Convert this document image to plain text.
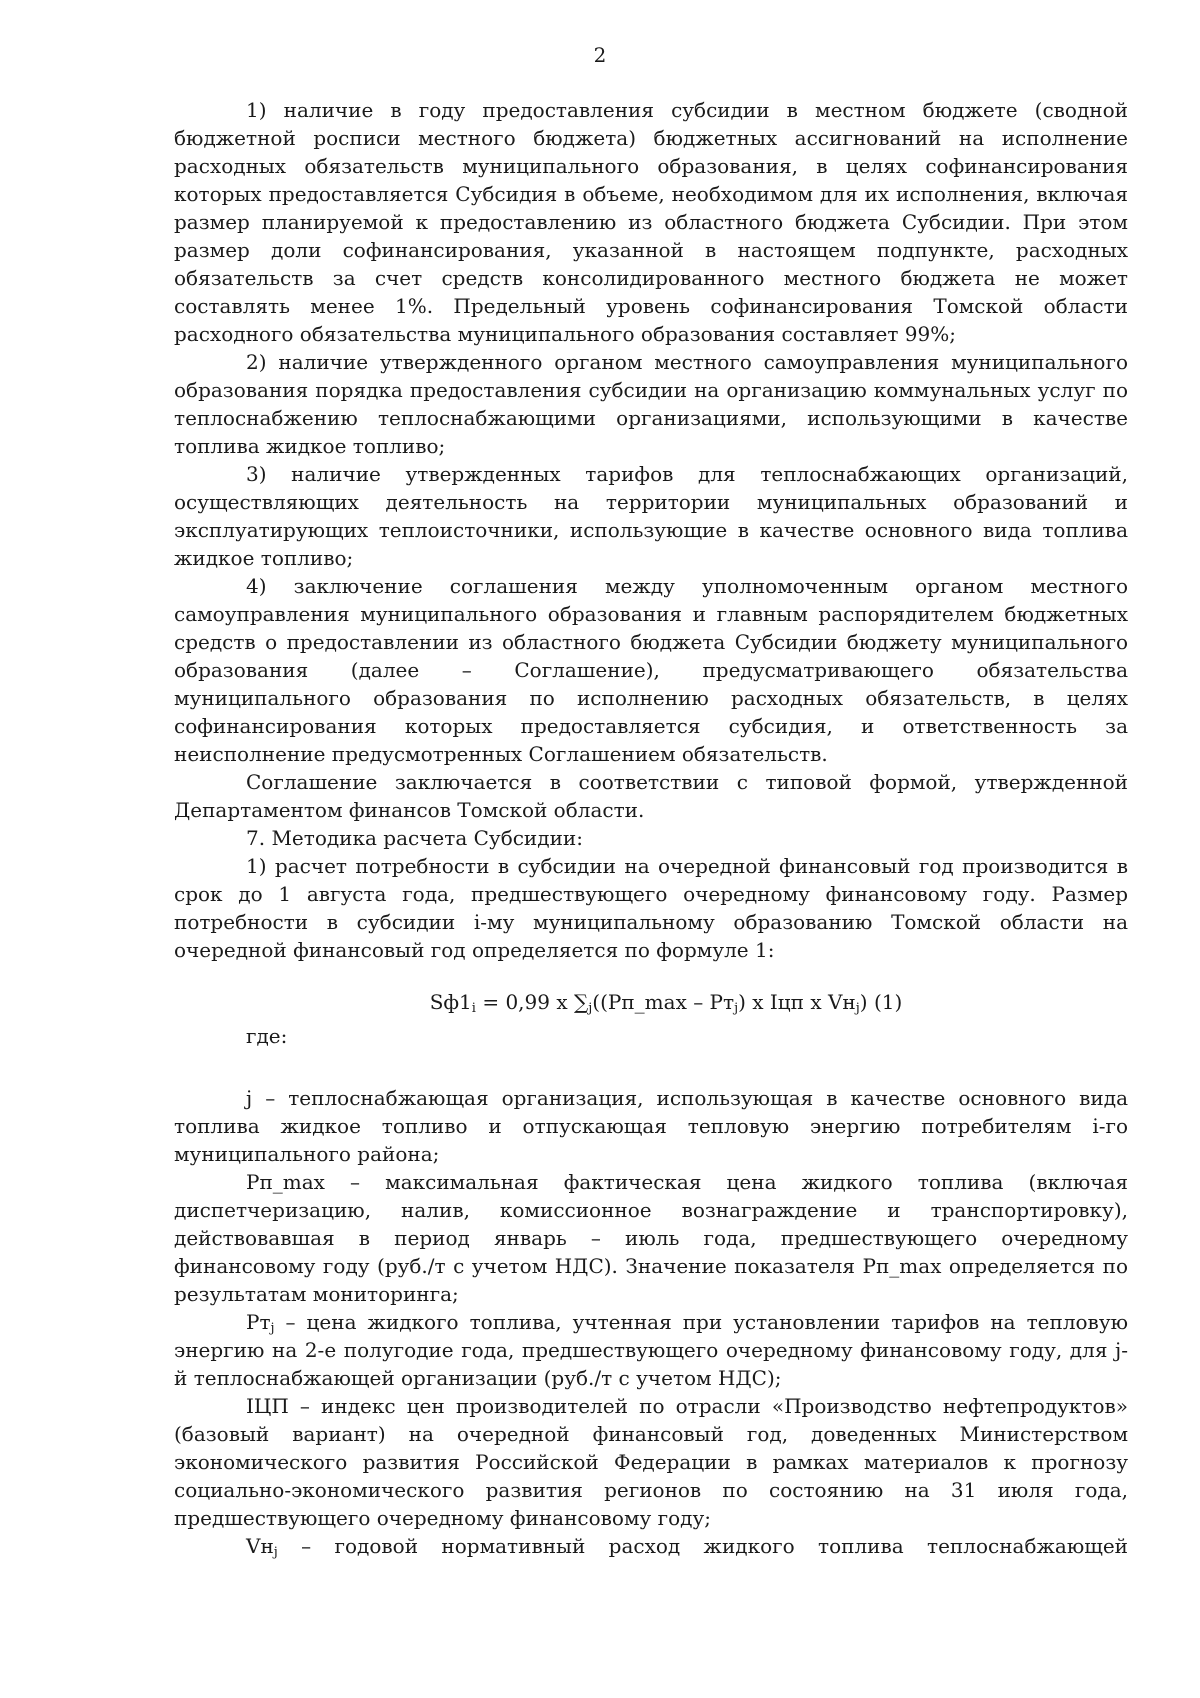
2

1) наличие в году предоставления субсидии в местном бюджете (сводной бюджетной росписи местного бюджета) бюджетных ассигнований на исполнение расходных обязательств муниципального образования, в целях софинансирования которых предоставляется Субсидия в объеме, необходимом для их исполнения, включая размер планируемой к предоставлению из областного бюджета Субсидии. При этом размер доли софинансирования, указанной в настоящем подпункте, расходных обязательств за счет средств консолидированного местного бюджета не может составлять менее 1%. Предельный уровень софинансирования Томской области расходного обязательства муниципального образования составляет 99%;

2) наличие утвержденного органом местного самоуправления муниципального образования порядка предоставления субсидии на организацию коммунальных услуг по теплоснабжению теплоснабжающими организациями, использующими в качестве топлива жидкое топливо;

3) наличие утвержденных тарифов для теплоснабжающих организаций, осуществляющих деятельность на территории муниципальных образований и эксплуатирующих теплоисточники, использующие в качестве основного вида топлива жидкое топливо;

4) заключение соглашения между уполномоченным органом местного самоуправления муниципального образования и главным распорядителем бюджетных средств о предоставлении из областного бюджета Субсидии бюджету муниципального образования (далее – Соглашение), предусматривающего обязательства муниципального образования по исполнению расходных обязательств, в целях софинансирования которых предоставляется субсидия, и ответственность за неисполнение предусмотренных Соглашением обязательств.

Соглашение заключается в соответствии с типовой формой, утвержденной Департаментом финансов Томской области.

7. Методика расчета Субсидии:

1) расчет потребности в субсидии на очередной финансовый год производится в срок до 1 августа года, предшествующего очередному финансовому году. Размер потребности в субсидии i-му муниципальному образованию Томской области на очередной финансовый год определяется по формуле 1:

$Sф1_i = 0,99$ x $\sum_j((Рп\_\max - Рт_j)$ x Iцп x $Vн_j$) (1)
где:

j – теплоснабжающая организация, использующая в качестве основного вида топлива жидкое топливо и отпускающая тепловую энергию потребителям i-го муниципального района;

Рп_max – максимальная фактическая цена жидкого топлива (включая диспетчеризацию, налив, комиссионное вознаграждение и транспортировку), действовавшая в период январь – июль года, предшествующего очередному финансовому году (руб./т с учетом НДС). Значение показателя Рп_max определяется по результатам мониторинга;

Ртj – цена жидкого топлива, учтенная при установлении тарифов на тепловую энергию на 2-е полугодие года, предшествующего очередному финансовому году, для j-й теплоснабжающей организации (руб./т с учетом НДС);

IЦП – индекс цен производителей по отрасли «Производство нефтепродуктов» (базовый вариант) на очередной финансовый год, доведенных Министерством экономического развития Российской Федерации в рамках материалов к прогнозу социально-экономического развития регионов по состоянию на 31 июля года, предшествующего очередному финансовому году;

Vнj – годовой нормативный расход жидкого топлива теплоснабжающей
